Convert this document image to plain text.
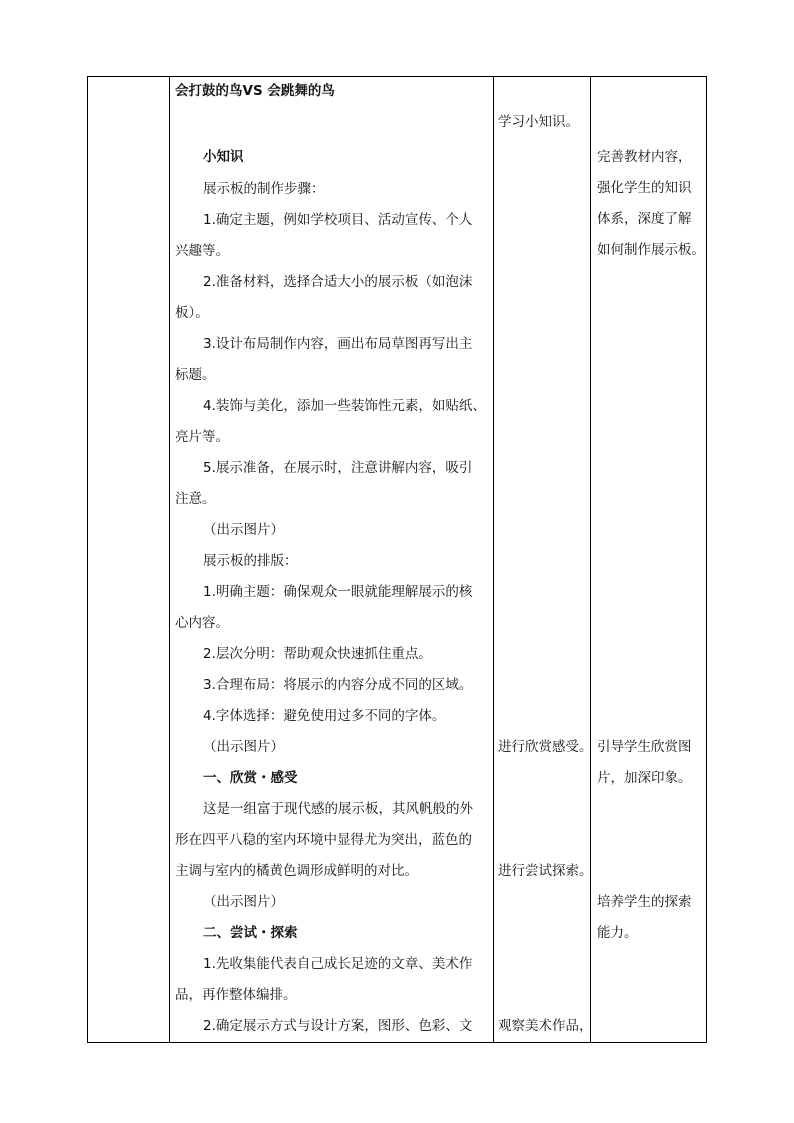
会打鼓的鸟VS 会跳舞的鸟
小知识
展示板的制作步骤：
1.确定主题，例如学校项目、活动宣传、个人
兴趣等。
2.准备材料，选择合适大小的展示板（如泡沫
板）。
3.设计布局制作内容，画出布局草图再写出主
标题。
4.装饰与美化，添加一些装饰性元素，如贴纸、
亮片等。
5.展示准备，在展示时，注意讲解内容，吸引
注意。
（出示图片）
展示板的排版：
1.明确主题：确保观众一眼就能理解展示的核
心内容。
2.层次分明：帮助观众快速抓住重点。
3.合理布局：将展示的内容分成不同的区域。
4.字体选择：避免使用过多不同的字体。
（出示图片）
一、欣赏・感受
这是一组富于现代感的展示板，其风帆般的外
形在四平八稳的室内环境中显得尤为突出，蓝色的
主调与室内的橘黄色调形成鲜明的对比。
（出示图片）
二、尝试・探索
1.先收集能代表自己成长足迹的文章、美术作
品，再作整体编排。
2.确定展示方式与设计方案，图形、色彩、文
学习小知识。
进行欣赏感受。
进行尝试探索。
观察美术作品，
完善教材内容，
强化学生的知识
体系，深度了解
如何制作展示板。
引导学生欣赏图
片，加深印象。
培养学生的探索
能力。
